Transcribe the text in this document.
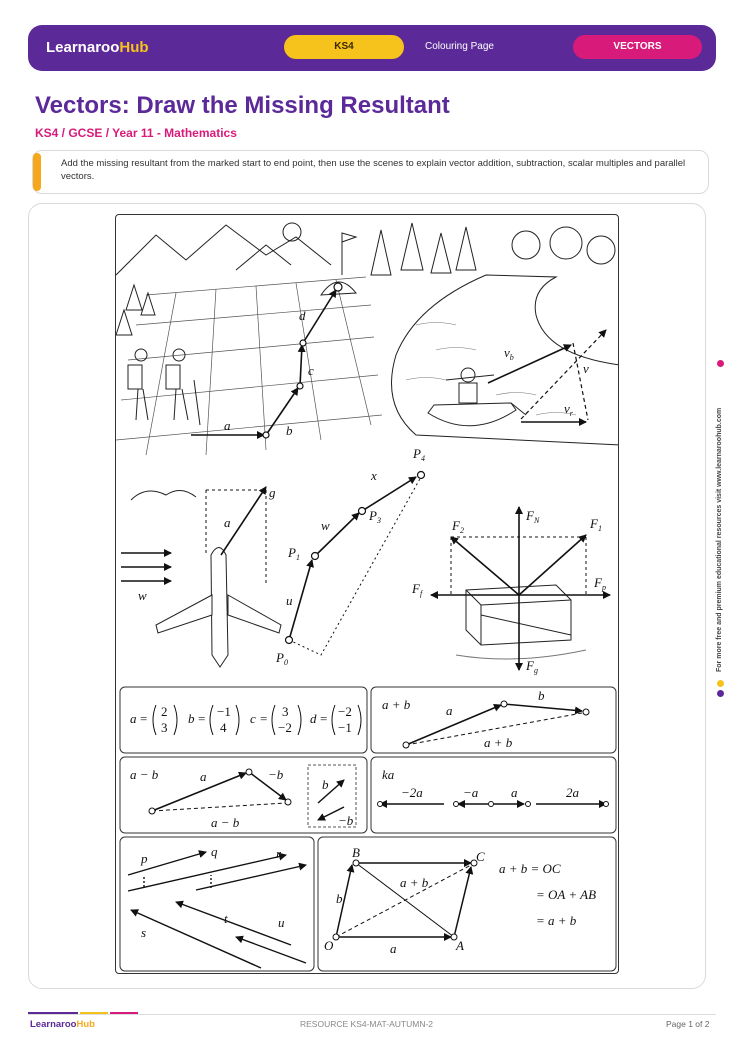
LearnarooHub	KS4	Colouring Page	VECTORS
Vectors: Draw the Missing Resultant
KS4 / GCSE / Year 11 - Mathematics
Add the missing resultant from the marked start to end point, then use the scenes to explain vector addition, subtraction, scalar multiples and parallel vectors.
a	b
c
d
$v_b$
v
$v_r$
a
g
w
$P_0$
$P_1$
$P_3$
$P_4$
u
w
x
$F_N$	$F_1$
$F_2$
$F_f$
$F_p$
$F_g$
a = 2
3
b = −1
4
c = 3
−2
d = −2
−1
a + b	a
b
a + b
a − b	a	−b
a − b
b
−b
ka
−2a	−a	a	2a
p	q	r
s
t	u
B	C
O	A
b
a
a + b
a + b = OC
= OA + AB
= a + b
For more free and premium educational resources visit www.learnaroohub.com
LearnarooHub	RESOURCE KS4-MAT-AUTUMN-2	Page 1 of 2
